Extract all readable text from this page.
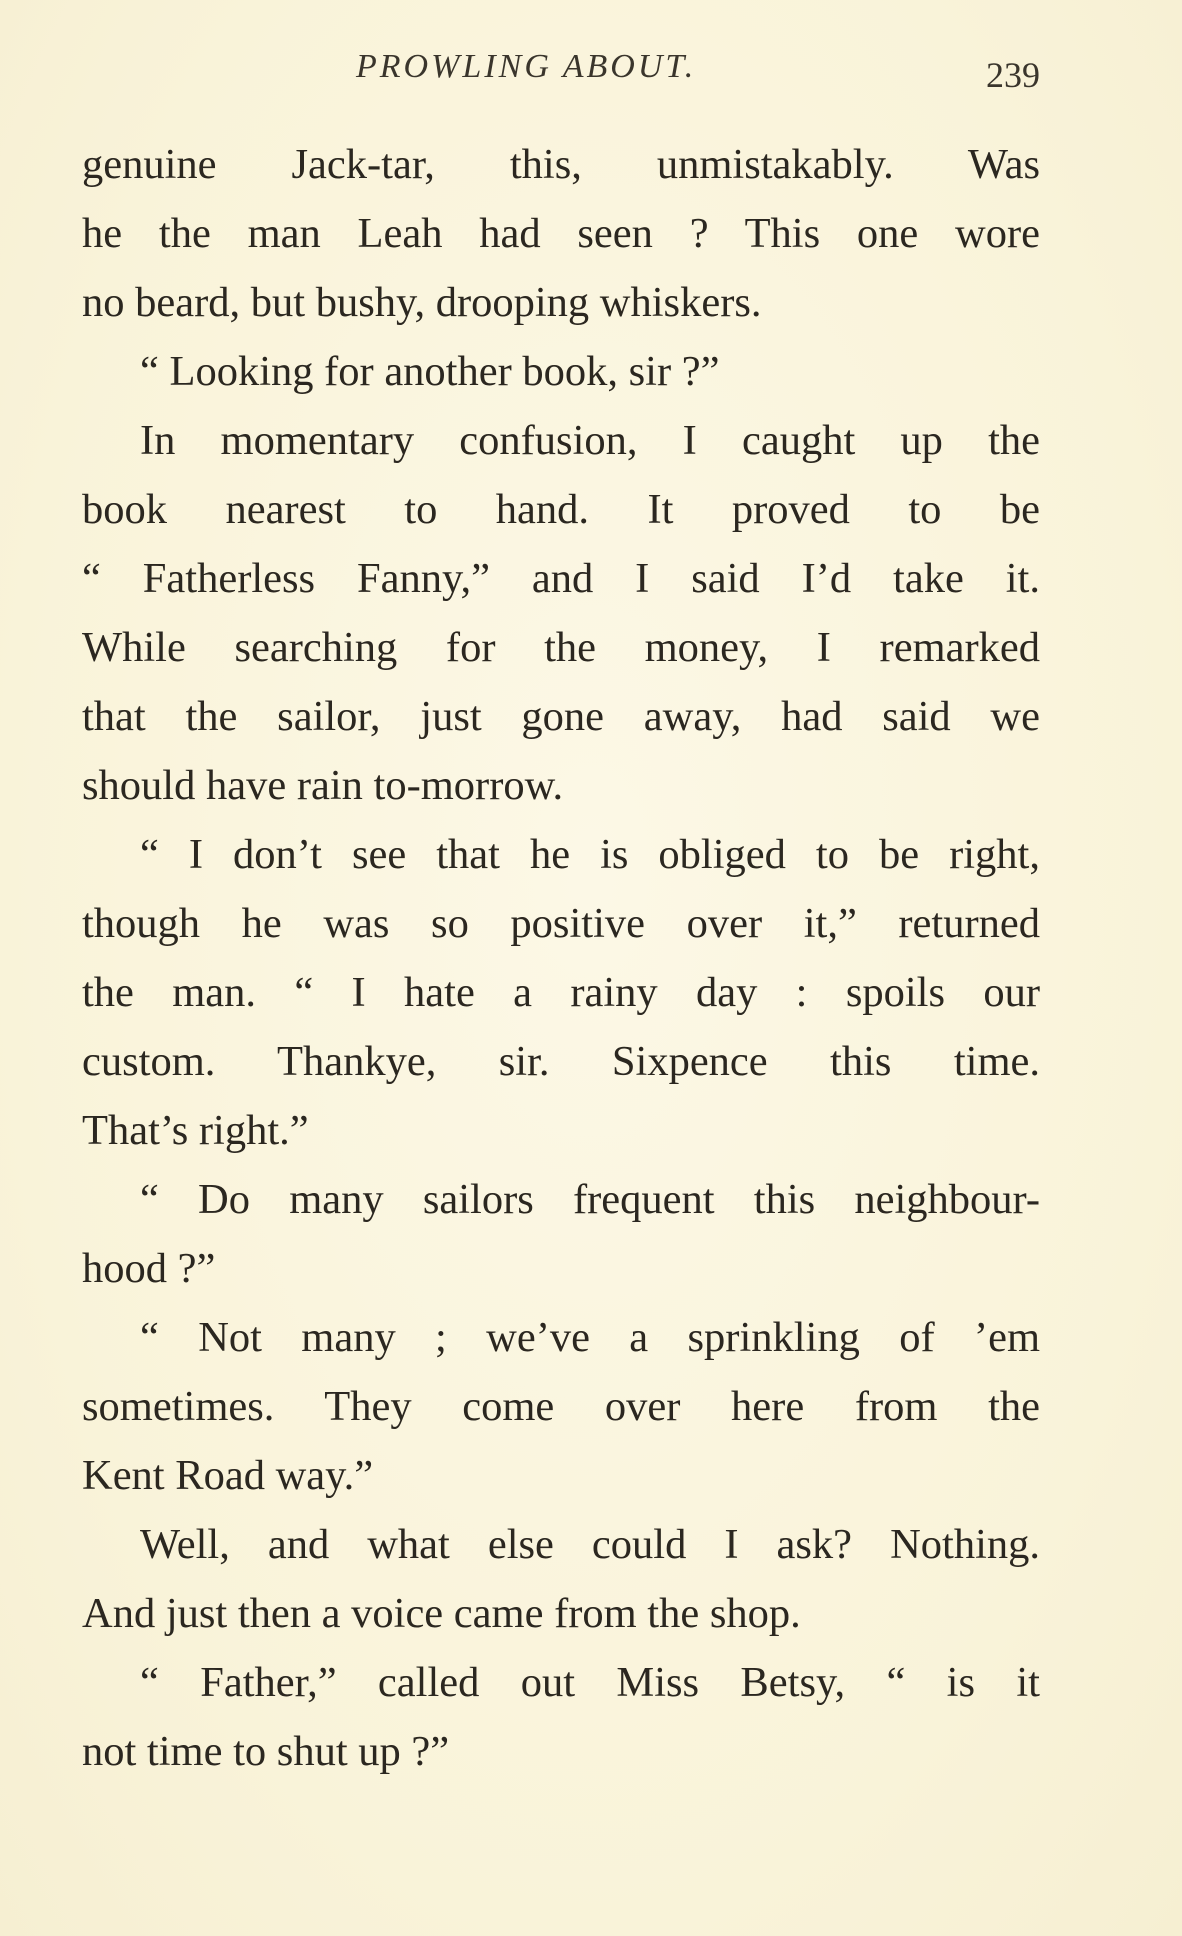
PROWLING ABOUT.	239
genuine Jack-tar, this, unmistakably. Was
he the man Leah had seen ? This one wore
no beard, but bushy, drooping whiskers.
“ Looking for another book, sir ?”
In momentary confusion, I caught up the
book nearest to hand. It proved to be
“ Fatherless Fanny,” and I said I’d take it.
While searching for the money, I remarked
that the sailor, just gone away, had said we
should have rain to-morrow.
“ I don’t see that he is obliged to be right,
though he was so positive over it,” returned
the man. “ I hate a rainy day : spoils our
custom. Thankye, sir. Sixpence this time.
That’s right.”
“ Do many sailors frequent this neighbour-
hood ?”
“ Not many ; we’ve a sprinkling of ’em
sometimes. They come over here from the
Kent Road way.”
Well, and what else could I ask? Nothing.
And just then a voice came from the shop.
“ Father,” called out Miss Betsy, “ is it
not time to shut up ?”
